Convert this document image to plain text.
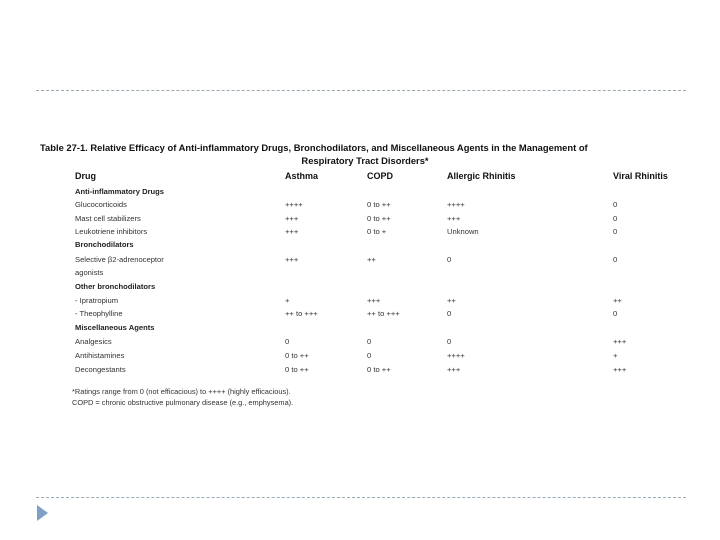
Table 27-1. Relative Efficacy of Anti-inflammatory Drugs, Bronchodilators, and Miscellaneous Agents in the Management of
Respiratory Tract Disorders*
Drug	Asthma	COPD	Allergic Rhinitis	Viral Rhinitis
Anti-inflammatory Drugs
Glucocorticoids	++++	0 to ++	++++	0
Mast cell stabilizers	+++	0 to ++	+++	0
Leukotriene inhibitors	+++	0 to +	Unknown	0
Bronchodilators
Selective β2-adrenoceptor	+++	++	0	0
agonists
Other bronchodilators
- Ipratropium	+	+++	++	++
- Theophylline	++ to +++	++ to +++	0	0
Miscellaneous Agents
Analgesics	0	0	0	+++
Antihistamines	0 to ++	0	++++	+
Decongestants	0 to ++	0 to ++	+++	+++
*Ratings range from 0 (not efficacious) to ++++ (highly efficacious).
COPD = chronic obstructive pulmonary disease (e.g., emphysema).
